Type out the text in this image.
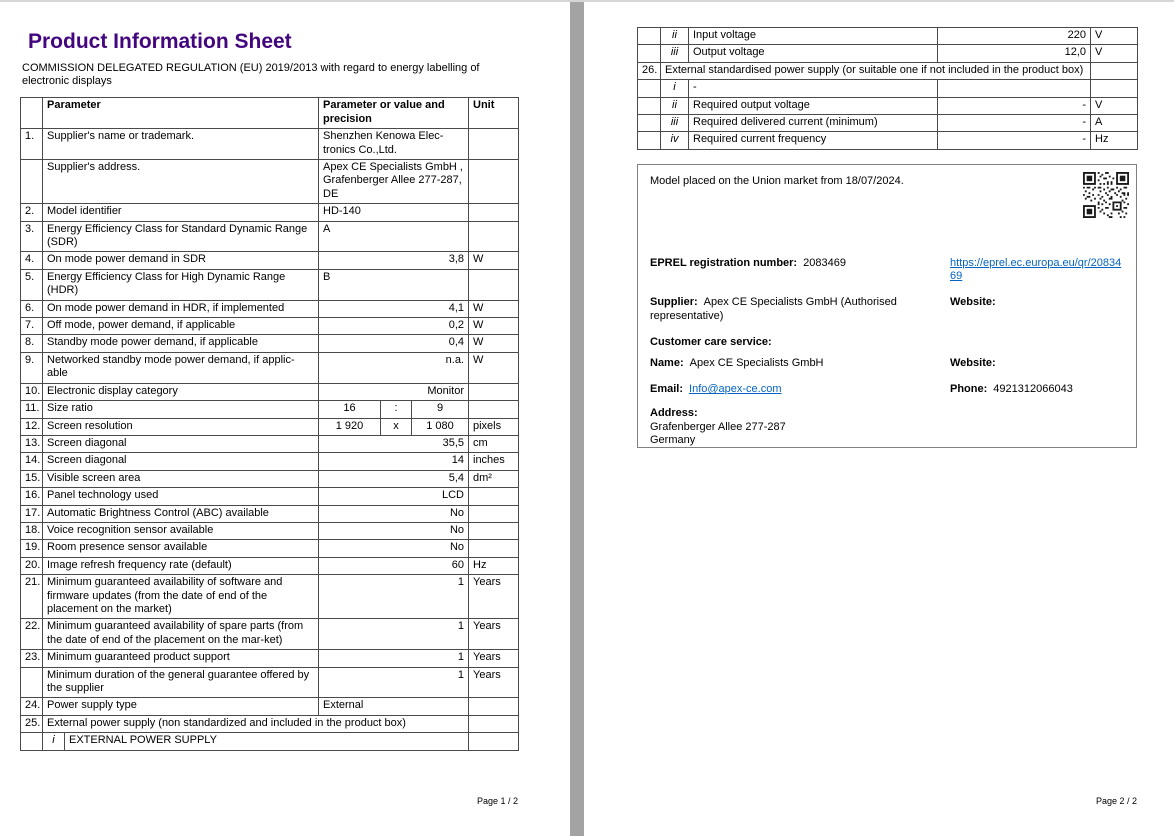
Product Information Sheet
COMMISSION DELEGATED REGULATION (EU) 2019/2013 with regard to energy labelling of electronic displays
	Parameter	Parameter or value and precision	Unit
1.	Supplier's name or trademark.	Shenzhen Kenowa Elec-tronics Co.,Ltd.	
	Supplier's address.	Apex CE Specialists GmbH , Grafenberger Allee 277-287, DE	
2.	Model identifier	HD-140	
3.	Energy Efficiency Class for Standard Dynamic Range (SDR)	A	
4.	On mode power demand in SDR	3,8	W
5.	Energy Efficiency Class for High Dynamic Range (HDR)	B	
6.	On mode power demand in HDR, if implemented	4,1	W
7.	Off mode, power demand, if applicable	0,2	W
8.	Standby mode power demand, if applicable	0,4	W
9.	Networked standby mode power demand, if applic-able	n.a.	W
10.	Electronic display category	Monitor	
11.	Size ratio	16 : 9	

12.	Screen resolution	1 920 x 1 080	pixels
13.	Screen diagonal	35,5	cm
14.	Screen diagonal	14	inches
15.	Visible screen area	5,4	dm²
16.	Panel technology used	LCD	
17.	Automatic Brightness Control (ABC) available	No	
18.	Voice recognition sensor available	No	
19.	Room presence sensor available	No	
20.	Image refresh frequency rate (default)	60	Hz
21.	Minimum guaranteed availability of software and firmware updates (from the date of end of the placement on the market)	1	Years
22.	Minimum guaranteed availability of spare parts (from the date of end of the placement on the mar-ket)	1	Years
23.	Minimum guaranteed product support	1	Years
	Minimum duration of the general guarantee offered by the supplier	1	Years
24.	Power supply type	External	
25.	External power supply (non standardized and included in the product box)		

	i EXTERNAL POWER SUPPLY		

Page 1 / 2
	ii	Input voltage	220	V
	iii	Output voltage	12,0	V
26.	External standardised power supply (or suitable one if not included in the product box)			
	i	-		
	ii	Required output voltage	-	V
	iii	Required delivered current (minimum)	-	A
	iv	Required current frequency	-	Hz
Model placed on the Union market from 18/07/2024.
EPREL registration number: 2083469	https://eprel.ec.europa.eu/qr/2083469
Supplier: Apex CE Specialists GmbH (Authorised representative)
Website:
Customer care service:
Name: Apex CE Specialists GmbH	Website:
Email: Info@apex-ce.com	Phone: 4921312066043
Address:
Grafenberger Allee 277-287
Germany
Page 2 / 2
